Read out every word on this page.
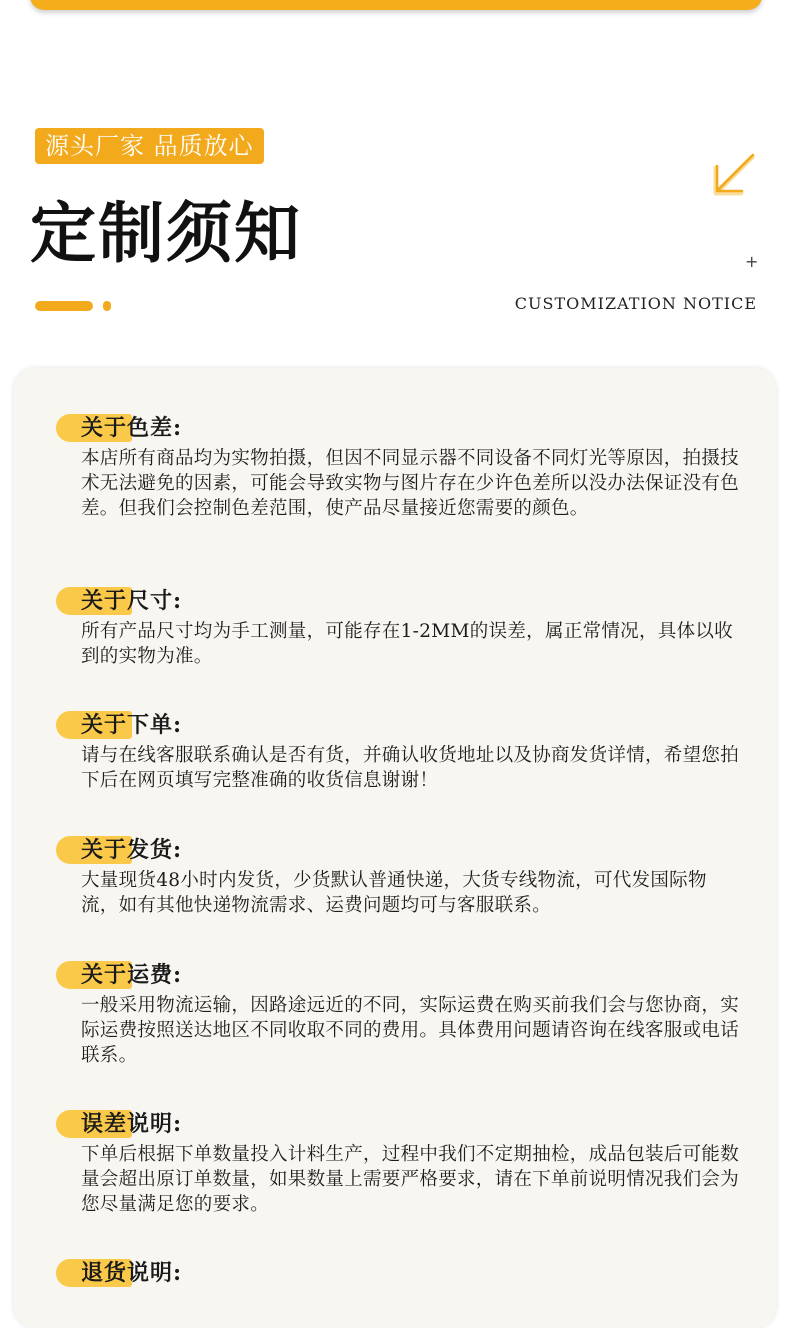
源头厂家 品质放心
定制须知	+
CUSTOMIZATION NOTICE
关于色差:

本店所有商品均为实物拍摄，但因不同显示器不同设备不同灯光等原因，拍摄技术无法避免的因素，可能会导致实物与图片存在少许色差所以没办法保证没有色差。但我们会控制色差范围，使产品尽量接近您需要的颜色。

关于尺寸:

所有产品尺寸均为手工测量，可能存在1-2MM的误差，属正常情况，具体以收到的实物为准。

关于下单:

请与在线客服联系确认是否有货，并确认收货地址以及协商发货详情，希望您拍下后在网页填写完整准确的收货信息谢谢！

关于发货:

大量现货48小时内发货，少货默认普通快递，大货专线物流，可代发国际物流，如有其他快递物流需求、运费问题均可与客服联系。

关于运费:

一般采用物流运输，因路途远近的不同，实际运费在购买前我们会与您协商，实际运费按照送达地区不同收取不同的费用。具体费用问题请咨询在线客服或电话联系。

误差说明:

下单后根据下单数量投入计料生产，过程中我们不定期抽检，成品包装后可能数量会超出原订单数量，如果数量上需要严格要求，请在下单前说明情况我们会为您尽量满足您的要求。

退货说明:
